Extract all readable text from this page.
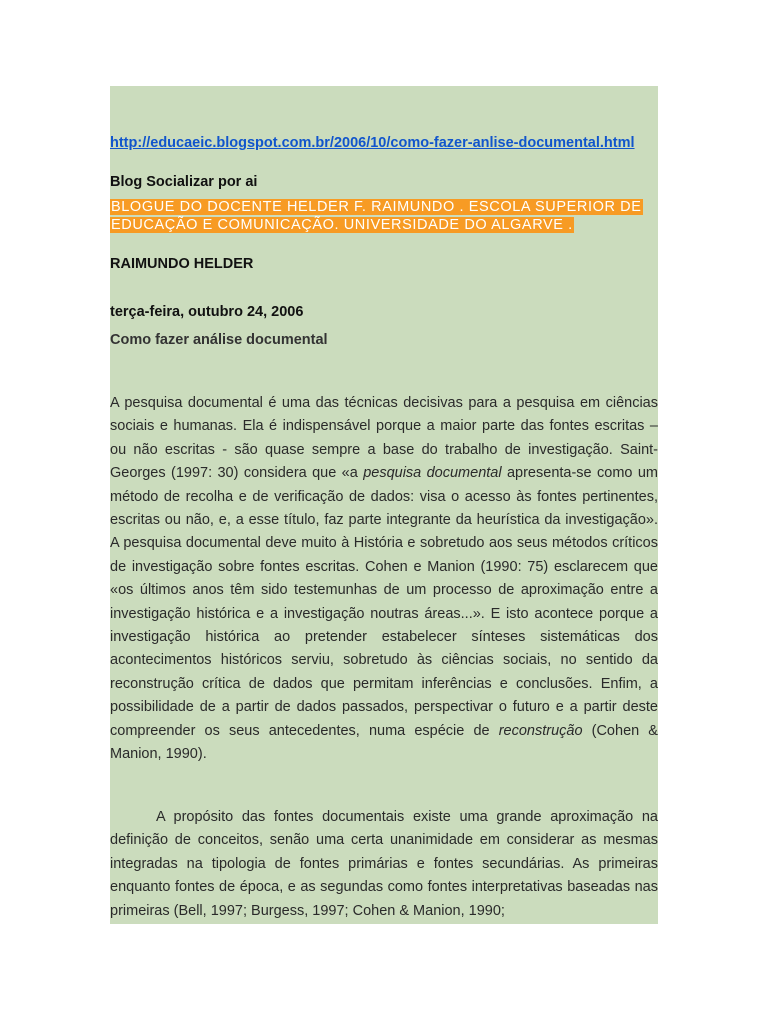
http://educaeic.blogspot.com.br/2006/10/como-fazer-anlise-documental.html

Blog Socializar por ai

BLOGUE DO DOCENTE HELDER F. RAIMUNDO . ESCOLA SUPERIOR DE EDUCAÇÃO E COMUNICAÇÃO. UNIVERSIDADE DO ALGARVE .

RAIMUNDO HELDER

terça-feira, outubro 24, 2006

Como fazer análise documental

A pesquisa documental é uma das técnicas decisivas para a pesquisa em ciências sociais e humanas. Ela é indispensável porque a maior parte das fontes escritas – ou não escritas - são quase sempre a base do trabalho de investigação. Saint-Georges (1997: 30) considera que «a pesquisa documental apresenta-se como um método de recolha e de verificação de dados: visa o acesso às fontes pertinentes, escritas ou não, e, a esse título, faz parte integrante da heurística da investigação». A pesquisa documental deve muito à História e sobretudo aos seus métodos críticos de investigação sobre fontes escritas. Cohen e Manion (1990: 75) esclarecem que «os últimos anos têm sido testemunhas de um processo de aproximação entre a investigação histórica e a investigação noutras áreas...». E isto acontece porque a investigação histórica ao pretender estabelecer sínteses sistemáticas dos acontecimentos históricos serviu, sobretudo às ciências sociais, no sentido da reconstrução crítica de dados que permitam inferências e conclusões. Enfim, a possibilidade de a partir de dados passados, perspectivar o futuro e a partir deste compreender os seus antecedentes, numa espécie de reconstrução (Cohen & Manion, 1990).

A propósito das fontes documentais existe uma grande aproximação na definição de conceitos, senão uma certa unanimidade em considerar as mesmas integradas na tipologia de fontes primárias e fontes secundárias. As primeiras enquanto fontes de época, e as segundas como fontes interpretativas baseadas nas primeiras (Bell, 1997; Burgess, 1997; Cohen & Manion, 1990;
